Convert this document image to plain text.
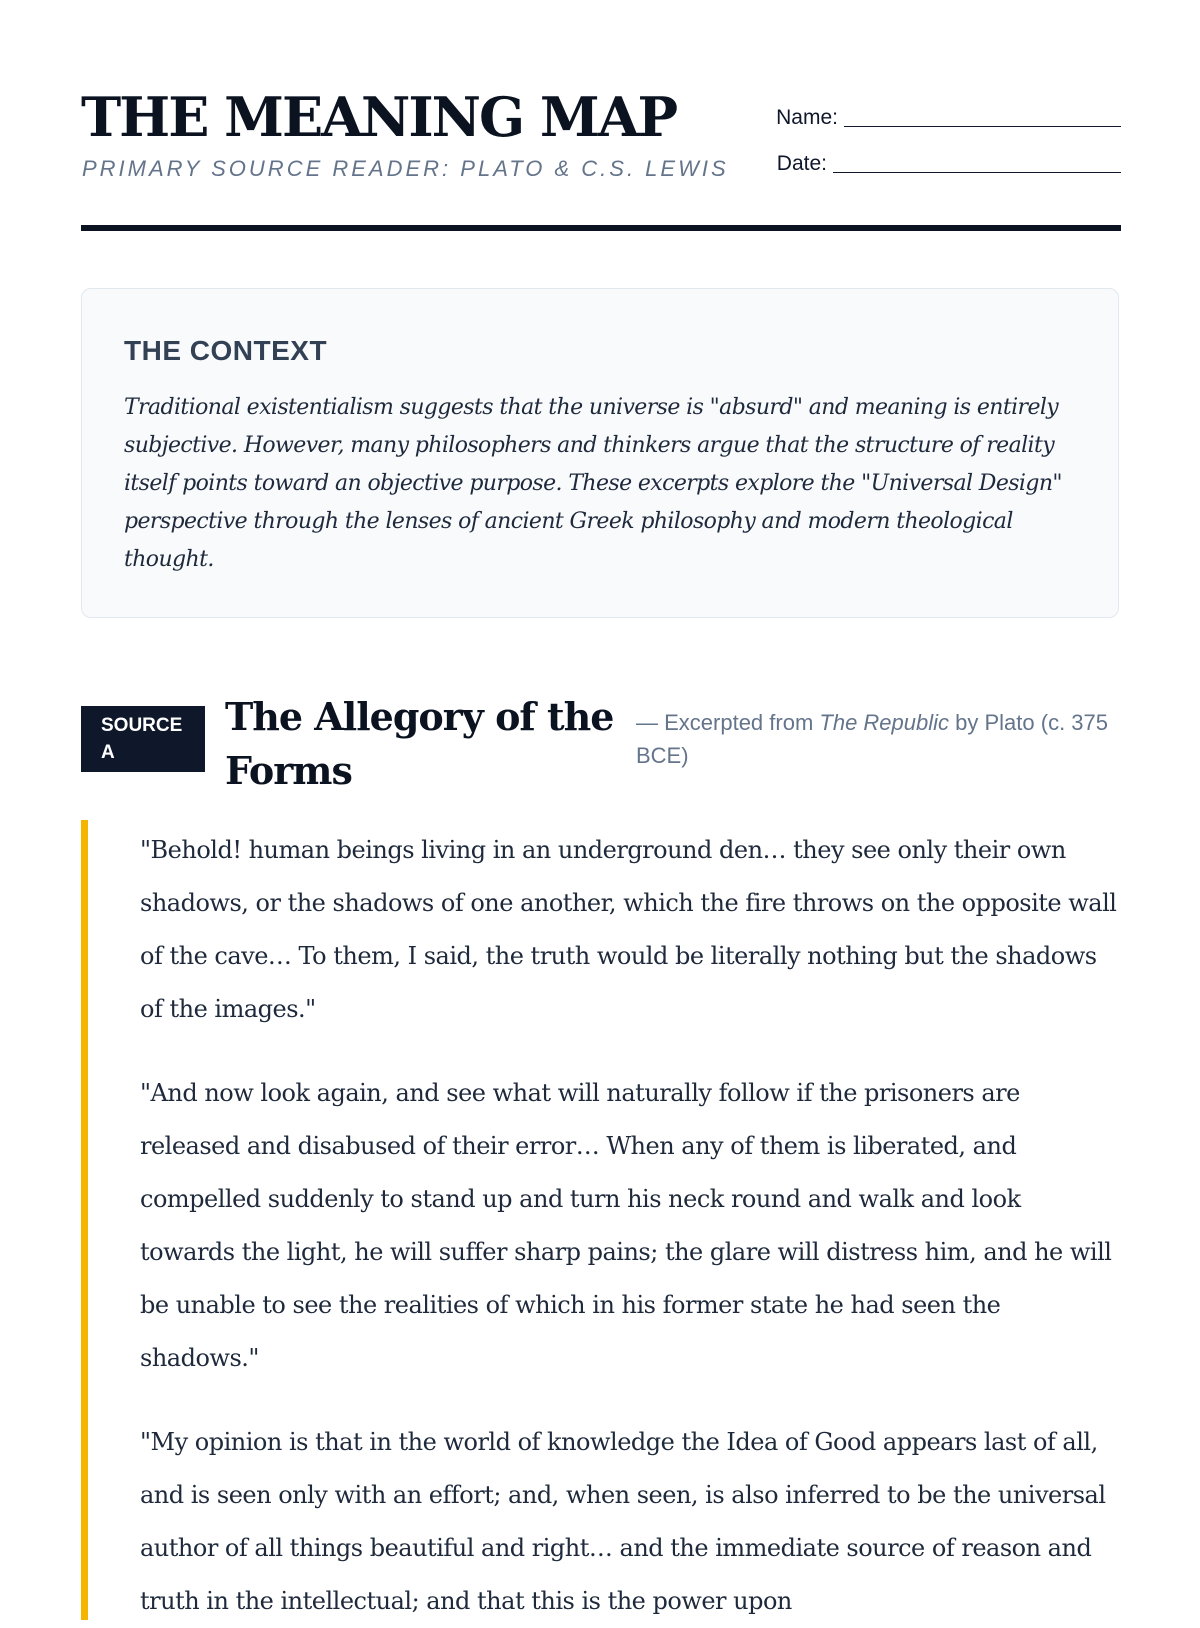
THE MEANING MAP
PRIMARY SOURCE READER: PLATO & C.S. LEWIS
Name:
Date:
THE CONTEXT

Traditional existentialism suggests that the universe is "absurd" and meaning is entirely subjective. However, many philosophers and thinkers argue that the structure of reality itself points toward an objective purpose. These excerpts explore the "Universal Design" perspective through the lenses of ancient Greek philosophy and modern theological thought.

SOURCE A
The Allegory of the Forms
— Excerpted from The Republic by Plato (c. 375 BCE)

"Behold! human beings living in an underground den… they see only their own shadows, or the shadows of one another, which the fire throws on the opposite wall of the cave… To them, I said, the truth would be literally nothing but the shadows of the images."

"And now look again, and see what will naturally follow if the prisoners are released and disabused of their error… When any of them is liberated, and compelled suddenly to stand up and turn his neck round and walk and look towards the light, he will suffer sharp pains; the glare will distress him, and he will be unable to see the realities of which in his former state he had seen the shadows."

"My opinion is that in the world of knowledge the Idea of Good appears last of all, and is seen only with an effort; and, when seen, is also inferred to be the universal author of all things beautiful and right… and the immediate source of reason and truth in the intellectual; and that this is the power upon
